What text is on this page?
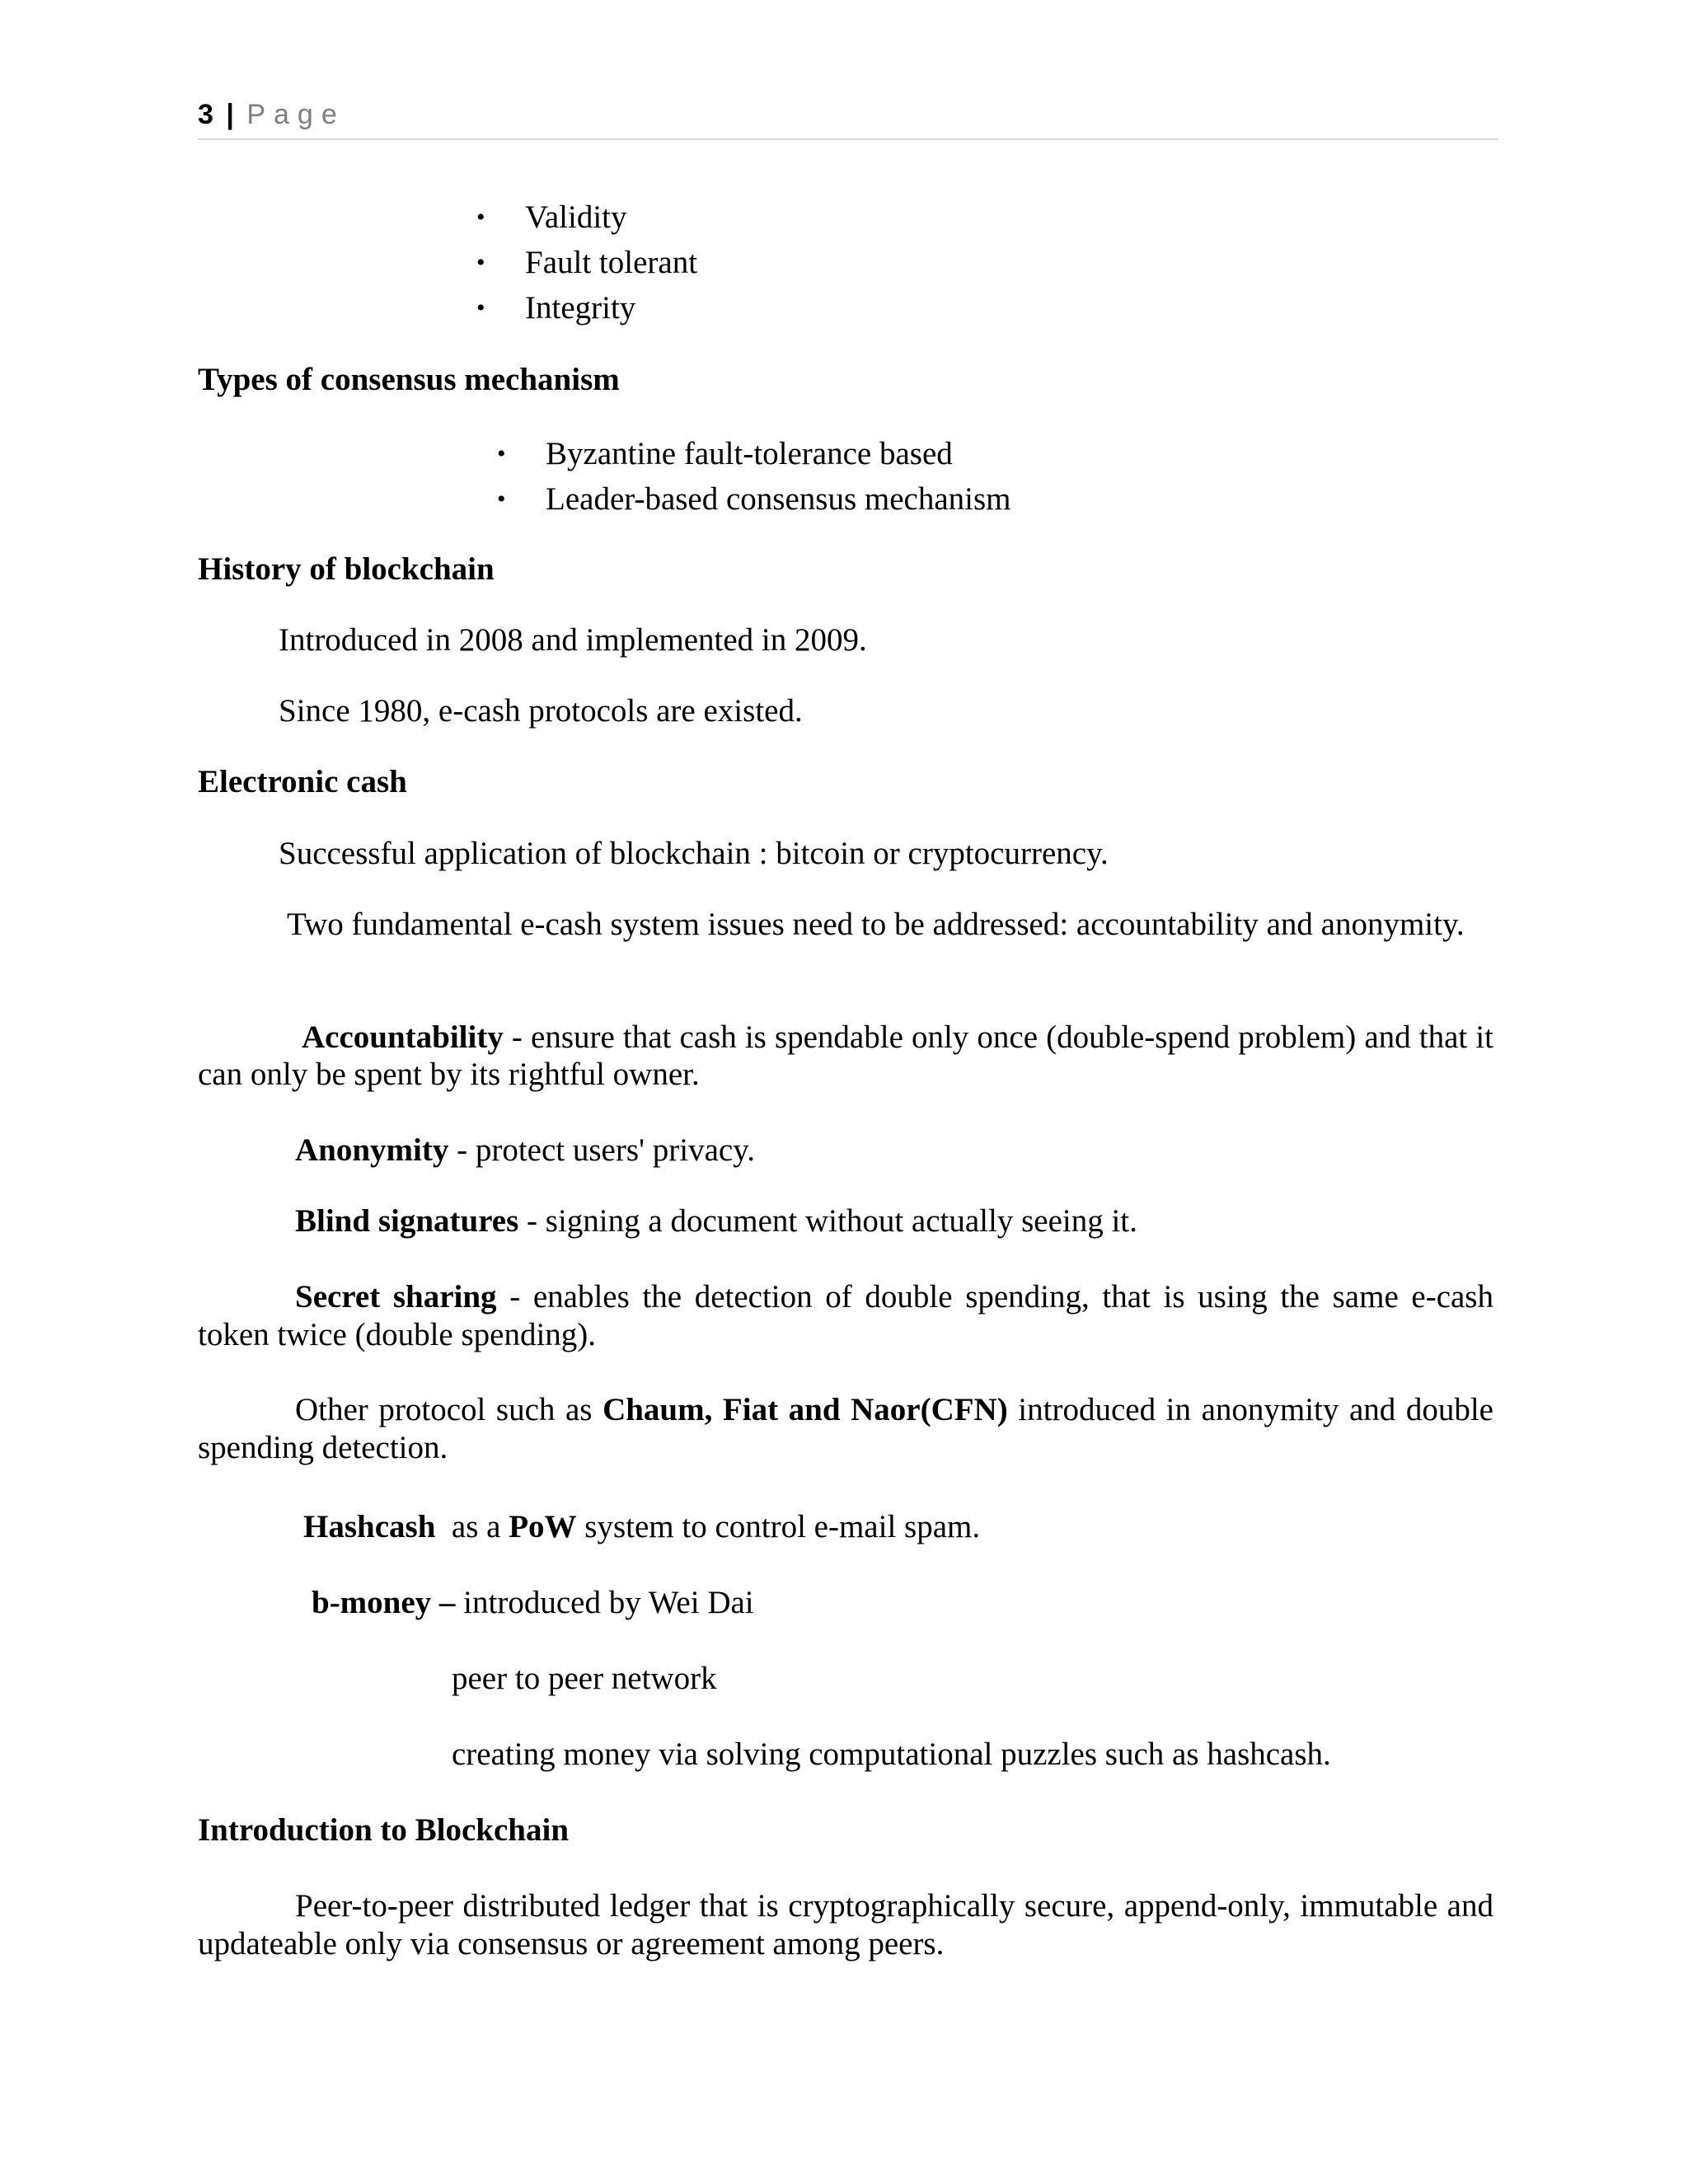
3 | Page
• Validity
• Fault tolerant
• Integrity
Types of consensus mechanism
• Byzantine fault-tolerance based
• Leader-based consensus mechanism
History of blockchain
Introduced in 2008 and implemented in 2009.
Since 1980, e-cash protocols are existed.
Electronic cash
Successful application of blockchain : bitcoin or cryptocurrency.
Two fundamental e-cash system issues need to be addressed: accountability and anonymity.
Accountability - ensure that cash is spendable only once (double-spend problem) and that it can only be spent by its rightful owner.
Anonymity - protect users' privacy.
Blind signatures - signing a document without actually seeing it.
Secret sharing - enables the detection of double spending, that is using the same e-cash token twice (double spending).
Other protocol such as Chaum, Fiat and Naor(CFN) introduced in anonymity and double spending detection.
Hashcash  as a PoW system to control e-mail spam.
b-money – introduced by Wei Dai
peer to peer network
creating money via solving computational puzzles such as hashcash.
Introduction to Blockchain
Peer-to-peer distributed ledger that is cryptographically secure, append-only, immutable and updateable only via consensus or agreement among peers.
